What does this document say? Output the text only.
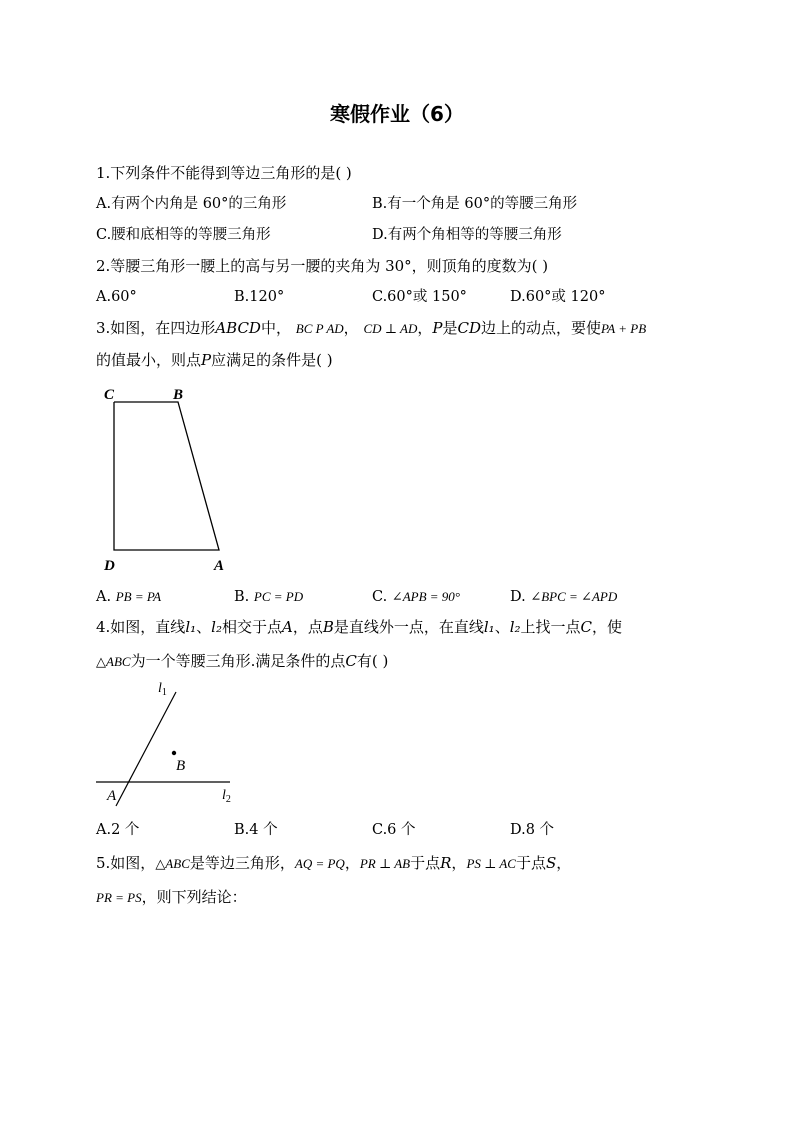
寒假作业（6）
1.下列条件不能得到等边三角形的是( )
A.有两个内角是 60°的三角形	B.有一个角是 60°的等腰三角形
C.腰和底相等的等腰三角形	D.有两个角相等的等腰三角形
2.等腰三角形一腰上的高与另一腰的夹角为 30°，则顶角的度数为( )
A.60°	B.120°	C.60°或 150°	D.60°或 120°
3.如图，在四边形ABCD中， BC P AD， CD ⊥ AD，P是CD边上的动点，要使PA + PB
的值最小，则点P应满足的条件是( )
C	B
D	A
A. PB = PA	B. PC = PD	C. ∠APB = 90°	D. ∠BPC = ∠APD
4.如图，直线l₁、l₂相交于点A，点B是直线外一点，在直线l₁、l₂上找一点C，使
△ABC为一个等腰三角形.满足条件的点C有( )
$l_1$
B
A	$l_2$
A.2 个	B.4 个	C.6 个	D.8 个
5.如图，△ABC是等边三角形，AQ = PQ，PR ⊥ AB于点R，PS ⊥ AC于点S，
PR = PS，则下列结论：
